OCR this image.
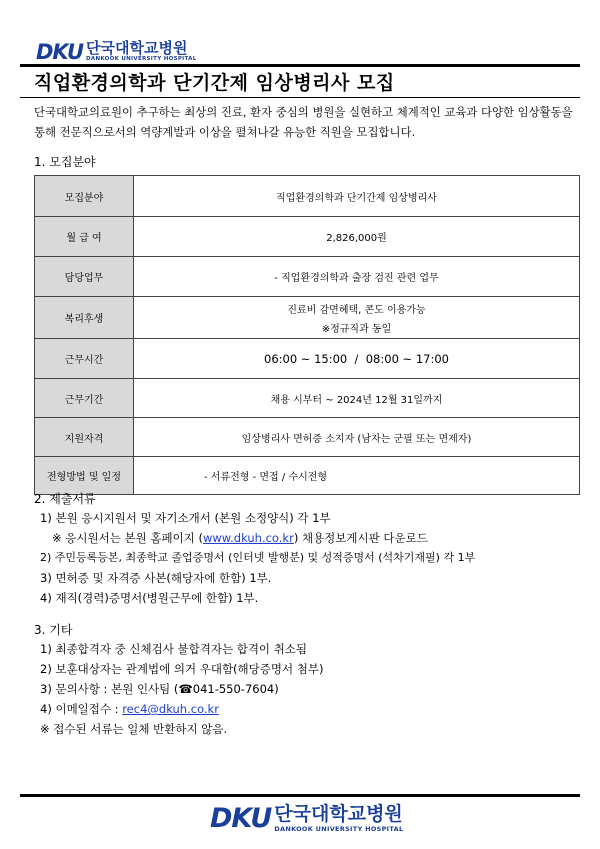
DKU 단국대학교병원
DANKOOK UNIVERSITY HOSPITAL
직업환경의학과 단기간제 임상병리사 모집
단국대학교의료원이 추구하는 최상의 진료, 환자 중심의 병원을 실현하고 체계적인 교육과 다양한 임상활동을 통해 전문직으로서의 역량계발과 이상을 펼쳐나갈 유능한 직원을 모집합니다.
1. 모집분야
모집분야	직업환경의학과 단기간제 임상병리사
월 급 여	2,826,000원
담당업무	- 직업환경의학과 출장 검진 관련 업무
복리후생	진료비 감면혜택, 콘도 이용가능
※정규직과 동일

근무시간	06:00 ~ 15:00  /  08:00 ~ 17:00
근무기간	채용 시부터 ~ 2024년 12월 31일까지
지원자격	임상병리사 면허증 소지자 (남자는 군필 또는 면제자)
전형방법 및 일정	- 서류전형 - 면접 / 수시전형
2. 제출서류
1) 본원 응시지원서 및 자기소개서 (본원 소정양식) 각 1부
※ 응시원서는 본원 홈페이지 (www.dkuh.co.kr) 채용정보게시판 다운로드
2) 주민등록등본, 최종학교 졸업증명서 (인터넷 발행분) 및 성적증명서 (석차기재필) 각 1부
3) 면허증 및 자격증 사본(해당자에 한함) 1부.
4) 재직(경력)증명서(병원근무에 한함) 1부.
3. 기타
1) 최종합격자 중 신체검사 불합격자는 합격이 취소됨
2) 보훈대상자는 관계법에 의거 우대함(해당증명서 첨부)
3) 문의사항 : 본원 인사팀 (☎041-550-7604)
4) 이메일접수 : rec4@dkuh.co.kr
※ 접수된 서류는 일체 반환하지 않음.
DKU 단국대학교병원
DANKOOK UNIVERSITY HOSPITAL
